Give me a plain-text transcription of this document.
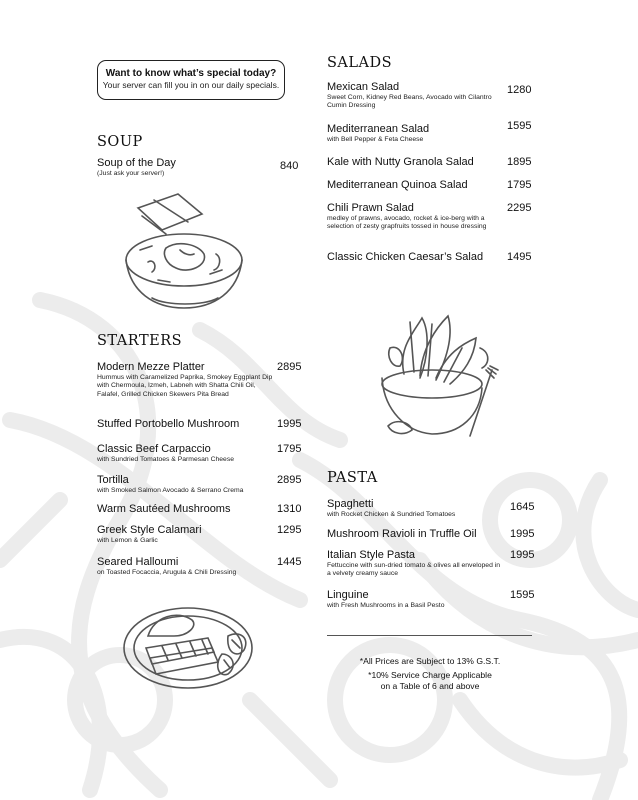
Want to know what’s special today?
Your server can fill you in on our daily specials.
SOUP
Soup of the Day
(Just ask your server!)
840
STARTERS
Modern Mezze Platter
Hummus with Caramelized Paprika, Smokey Eggplant Dip with Chermoula, Izmeh, Labneh with Shatta Chili Oil, Falafel, Grilled Chicken Skewers Pita Bread
2895
Stuffed Portobello Mushroom	1995
Classic Beef Carpaccio
with Sundried Tomatoes & Parmesan Cheese
1795
Tortilla
with Smoked Salmon Avocado & Serrano Crema
2895
Warm Sautéed Mushrooms	1310
Greek Style Calamari
with Lemon & Garlic
1295
Seared Halloumi
on Toasted Focaccia, Arugula & Chili Dressing
1445
SALADS
Mexican Salad
Sweet Corn, Kidney Red Beans, Avocado with Cilantro Cumin Dressing
1280
Mediterranean Salad
with Bell Pepper & Feta Cheese
1595
Kale with Nutty Granola Salad	1895
Mediterranean Quinoa Salad	1795
Chili Prawn Salad
medley of prawns, avocado, rocket & ice-berg with a selection of zesty grapfruits tossed in house dressing
2295
Classic Chicken Caesar’s Salad 1495
PASTA
Spaghetti
with Rocket Chicken & Sundried Tomatoes
1645
Mushroom Ravioli in Truffle Oil	1995
Italian Style Pasta
Fettuccine with sun-dried tomato & olives all enveloped in a velvety creamy sauce
1995
Linguine
with Fresh Mushrooms in a Basil Pesto
1595
*All Prices are Subject to 13% G.S.T.
*10% Service Charge Applicable
on a Table of 6 and above
